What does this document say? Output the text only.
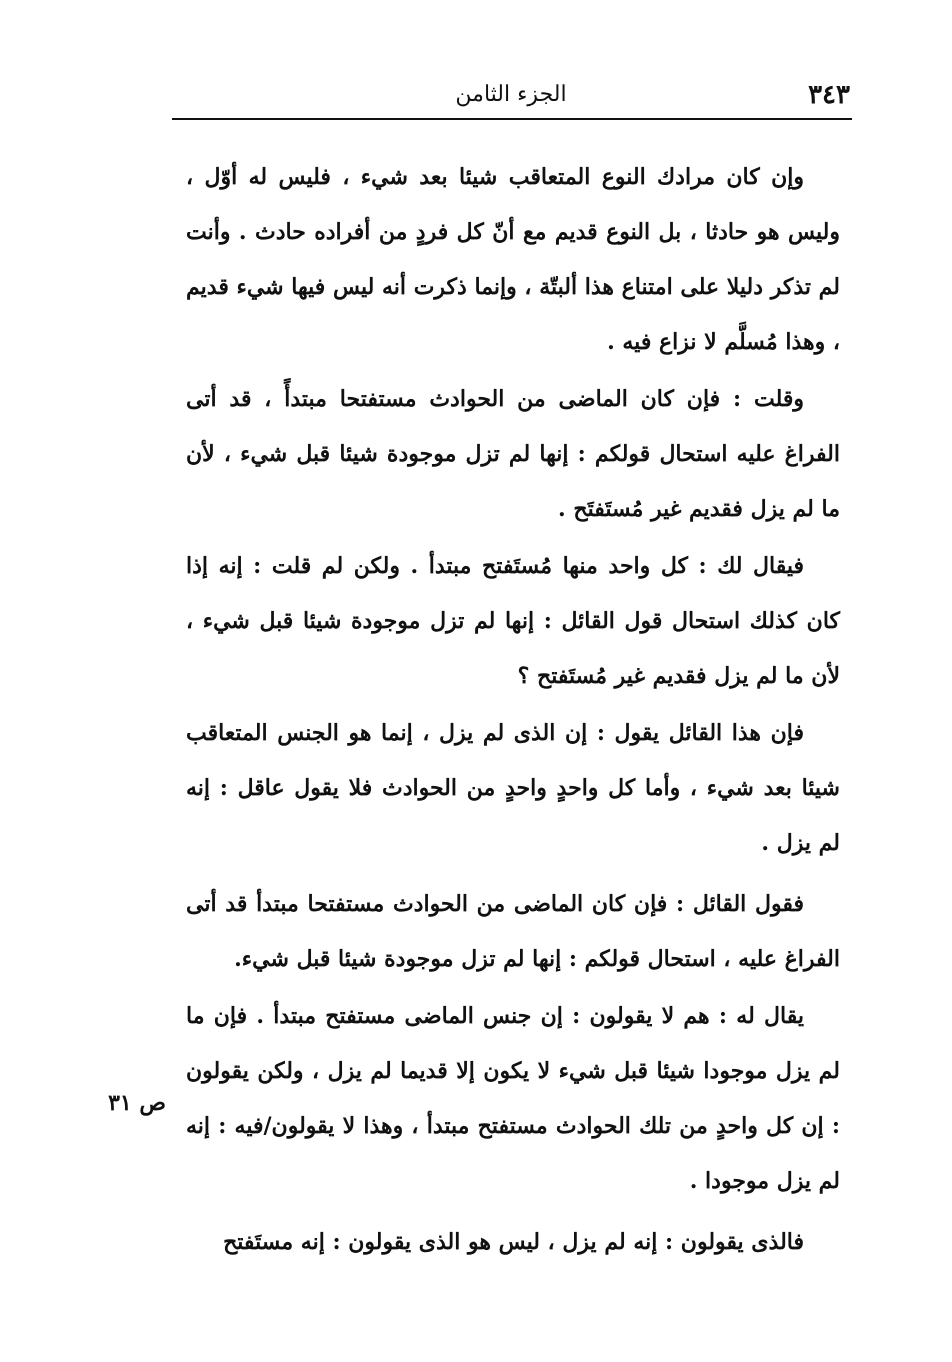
٣٤٣
الجزء الثامن

وإن كان مرادك النوع المتعاقب شيئا بعد شيء ، فليس له أوّل ، وليس هو حادثا ، بل النوع قديم مع أنّ كل فردٍ من أفراده حادث . وأنت لم تذكر دليلا على امتناع هذا ألبتّة ، وإنما ذكرت أنه ليس فيها شيء قديم ، وهذا مُسلَّم لا نزاع فيه .

وقلت : فإن كان الماضى من الحوادث مستفتحا مبتدأً ، قد أتى الفراغ عليه استحال قولكم : إنها لم تزل موجودة شيئا قبل شيء ، لأن ما لم يزل فقديم غير مُستَفتَح .

فيقال لك : كل واحد منها مُستَفتح مبتدأ . ولكن لم قلت : إنه إذا كان كذلك استحال قول القائل : إنها لم تزل موجودة شيئا قبل شيء ، لأن ما لم يزل فقديم غير مُستَفتح ؟

فإن هذا القائل يقول : إن الذى لم يزل ، إنما هو الجنس المتعاقب شيئا بعد شيء ، وأما كل واحدٍ واحدٍ من الحوادث فلا يقول عاقل : إنه لم يزل .

فقول القائل : فإن كان الماضى من الحوادث مستفتحا مبتدأ قد أتى الفراغ عليه ، استحال قولكم : إنها لم تزل موجودة شيئا قبل شيء.

يقال له : هم لا يقولون : إن جنس الماضى مستفتح مبتدأ . فإن ما لم يزل موجودا شيئا قبل شيء لا يكون إلا قديما لم يزل ، ولكن يقولون : إن كل واحدٍ من تلك الحوادث مستفتح مبتدأ ، وهذا لا يقولون/فيه : إنه لم يزل موجودا .

فالذى يقولون : إنه لم يزل ، ليس هو الذى يقولون : إنه مستَفتح

ص ٣١
